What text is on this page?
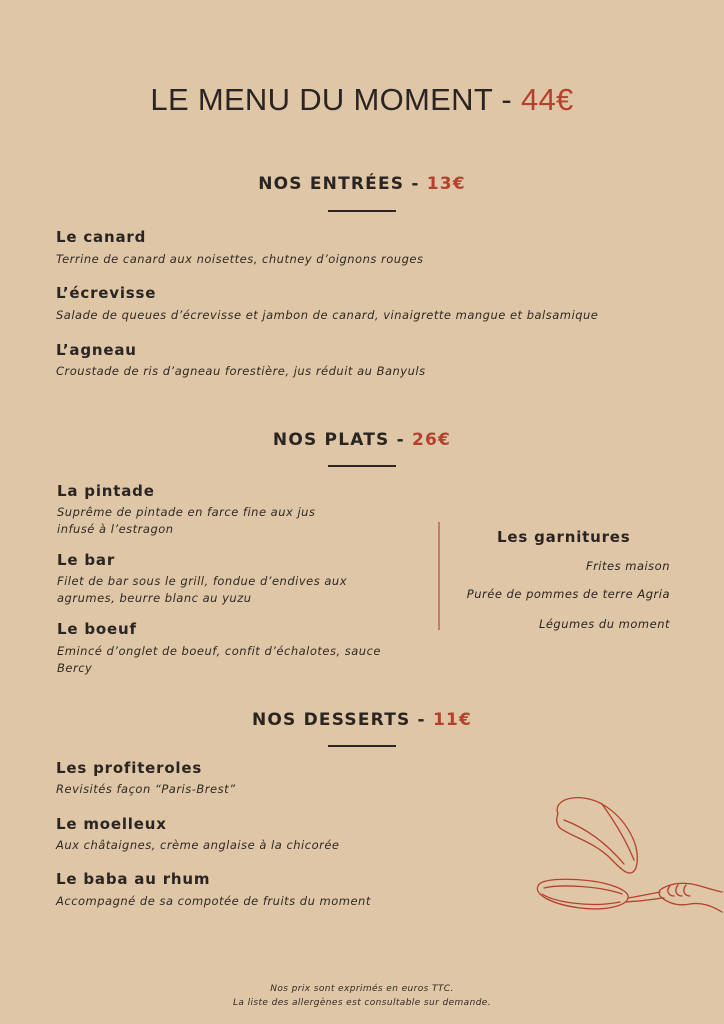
LE MENU DU MOMENT - 44€
NOS ENTRÉES - 13€
Le canard
Terrine de canard aux noisettes, chutney d’oignons rouges
L’écrevisse
Salade de queues d’écrevisse et jambon de canard, vinaigrette mangue et balsamique
L’agneau
Croustade de ris d’agneau forestière, jus réduit au Banyuls
NOS PLATS - 26€
La pintade
Suprême de pintade en farce fine aux jus
infusé à l’estragon
Le bar
Filet de bar sous le grill, fondue d’endives aux
agrumes, beurre blanc au yuzu
Le boeuf
Emincé d’onglet de boeuf, confit d’échalotes, sauce
Bercy
Les garnitures
Frites maison
Purée de pommes de terre Agria
Légumes du moment
NOS DESSERTS - 11€
Les profiteroles
Revisités façon “Paris-Brest”
Le moelleux
Aux châtaignes, crème anglaise à la chicorée
Le baba au rhum
Accompagné de sa compotée de fruits du moment
Nos prix sont exprimés en euros TTC.
La liste des allergènes est consultable sur demande.
